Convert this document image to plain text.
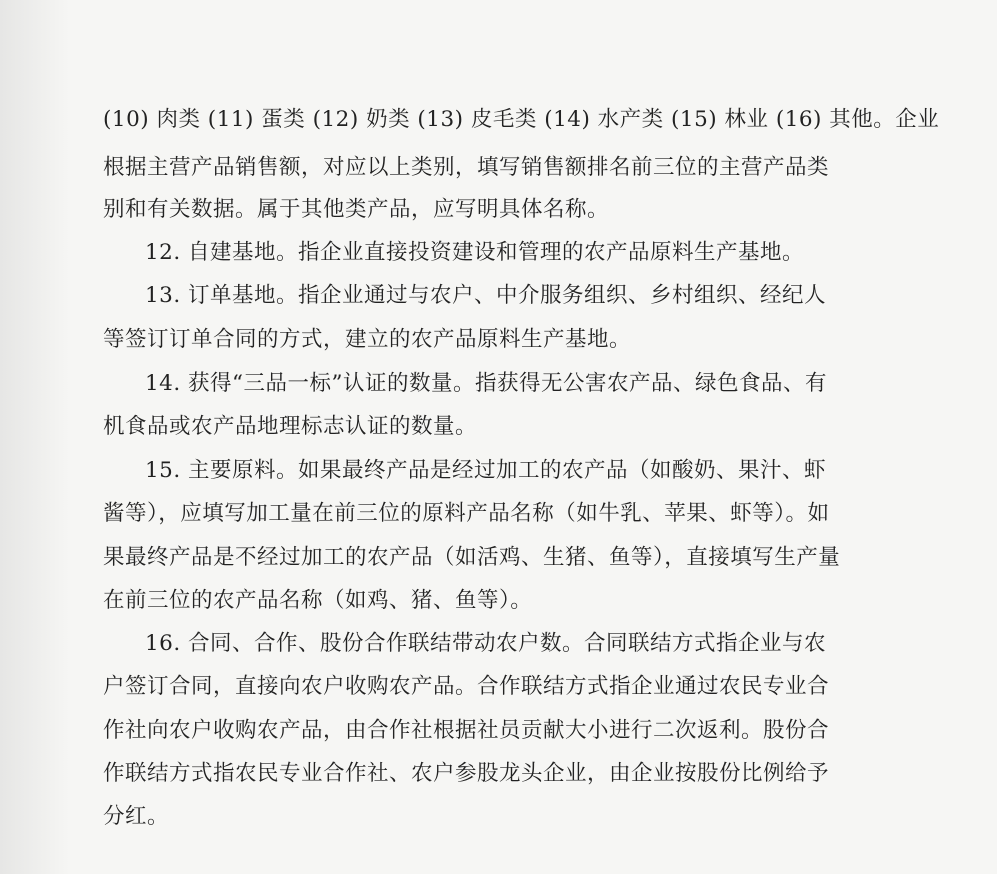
(10) 肉类 (11) 蛋类 (12) 奶类 (13) 皮毛类 (14) 水产类 (15) 林业 (16) 其他。企业
根据主营产品销售额，对应以上类别，填写销售额排名前三位的主营产品类
别和有关数据。属于其他类产品，应写明具体名称。
12. 自建基地。指企业直接投资建设和管理的农产品原料生产基地。
13. 订单基地。指企业通过与农户、中介服务组织、乡村组织、经纪人
等签订订单合同的方式，建立的农产品原料生产基地。
14. 获得“三品一标”认证的数量。指获得无公害农产品、绿色食品、有
机食品或农产品地理标志认证的数量。
15. 主要原料。如果最终产品是经过加工的农产品（如酸奶、果汁、虾
酱等），应填写加工量在前三位的原料产品名称（如牛乳、苹果、虾等）。如
果最终产品是不经过加工的农产品（如活鸡、生猪、鱼等），直接填写生产量
在前三位的农产品名称（如鸡、猪、鱼等）。
16. 合同、合作、股份合作联结带动农户数。合同联结方式指企业与农
户签订合同，直接向农户收购农产品。合作联结方式指企业通过农民专业合
作社向农户收购农产品，由合作社根据社员贡献大小进行二次返利。股份合
作联结方式指农民专业合作社、农户参股龙头企业，由企业按股份比例给予
分红。
